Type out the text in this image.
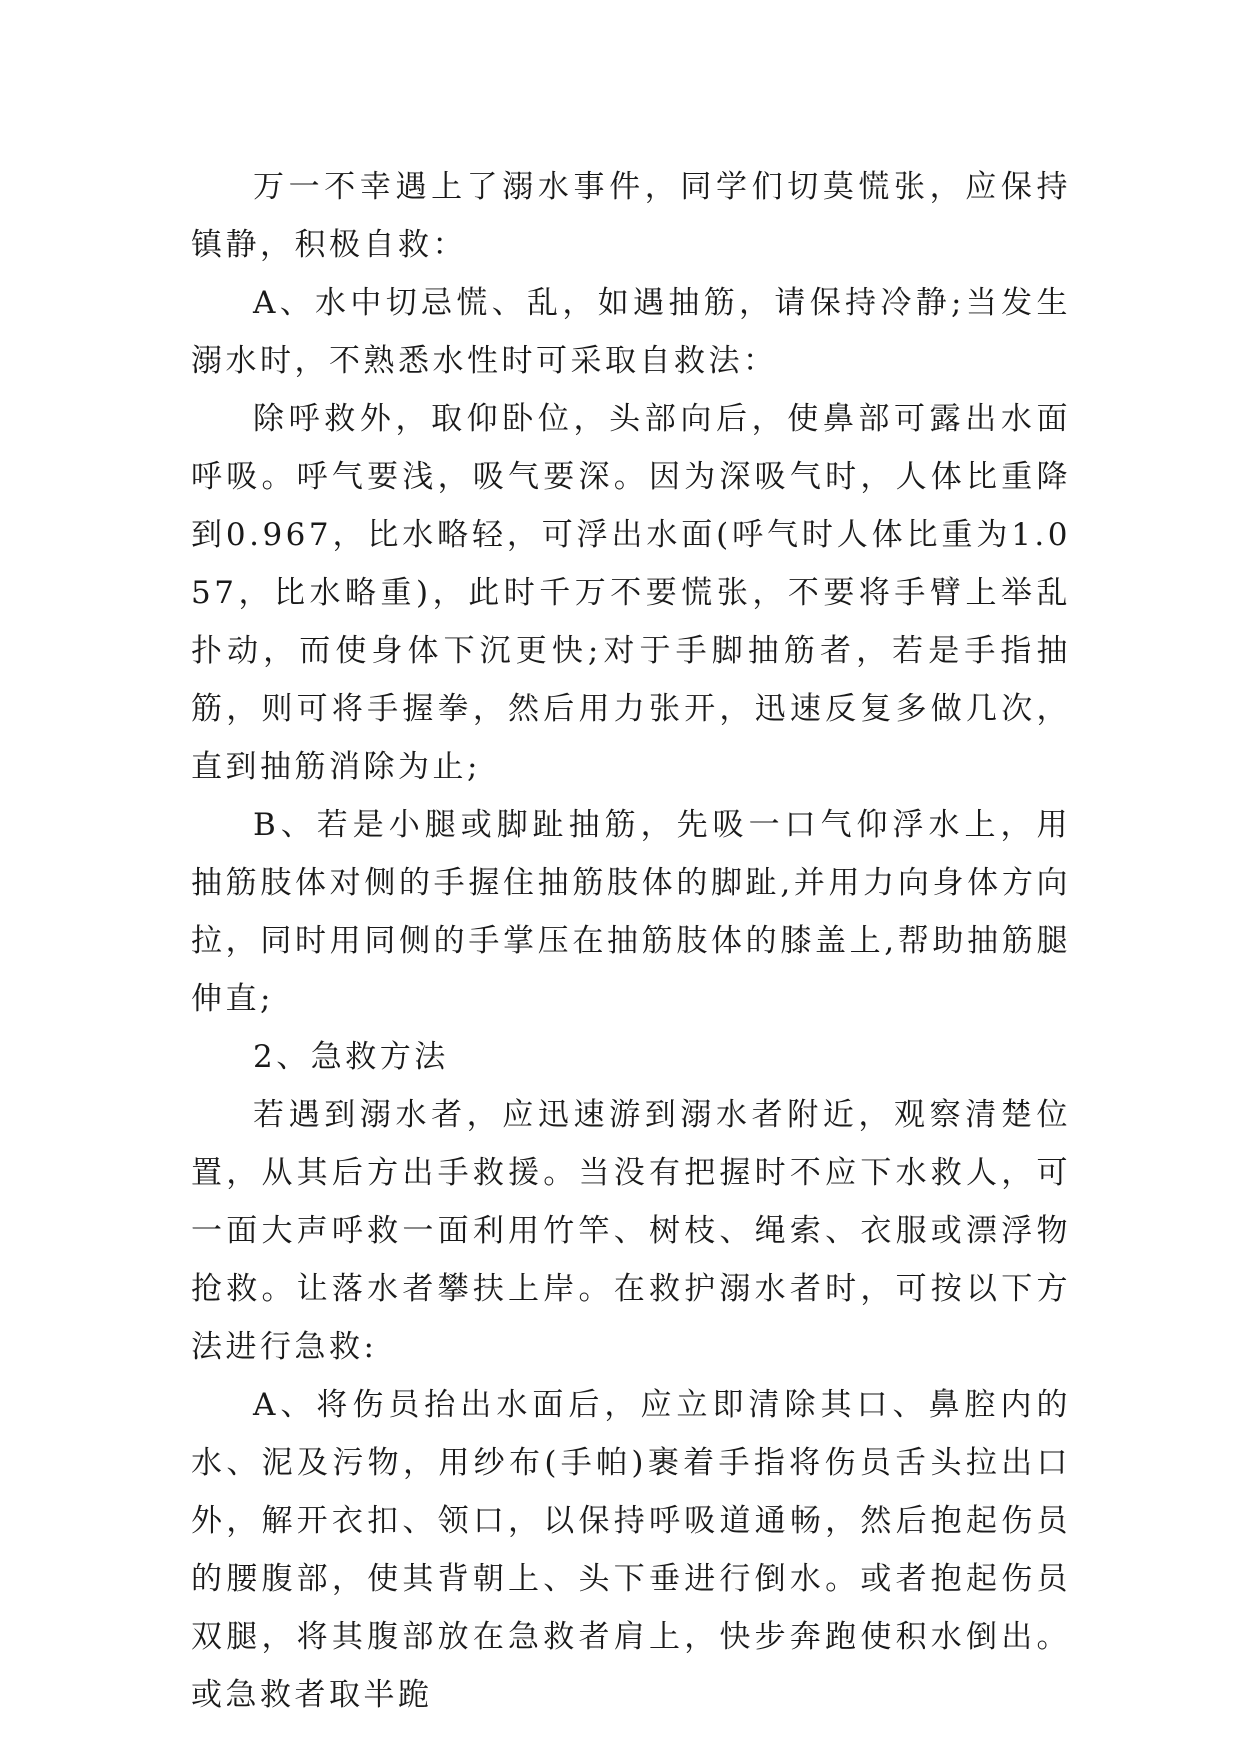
万一不幸遇上了溺水事件，同学们切莫慌张，应保持镇静，积极自救：

A、水中切忌慌、乱，如遇抽筋，请保持冷静;当发生溺水时，不熟悉水性时可采取自救法：

除呼救外，取仰卧位，头部向后，使鼻部可露出水面呼吸。呼气要浅，吸气要深。因为深吸气时，人体比重降到0.967，比水略轻，可浮出水面(呼气时人体比重为1.057，比水略重)，此时千万不要慌张，不要将手臂上举乱扑动，而使身体下沉更快;对于手脚抽筋者，若是手指抽筋，则可将手握拳，然后用力张开，迅速反复多做几次，直到抽筋消除为止;

B、若是小腿或脚趾抽筋，先吸一口气仰浮水上，用抽筋肢体对侧的手握住抽筋肢体的脚趾,并用力向身体方向拉，同时用同侧的手掌压在抽筋肢体的膝盖上,帮助抽筋腿伸直;

2、急救方法

若遇到溺水者，应迅速游到溺水者附近，观察清楚位置，从其后方出手救援。当没有把握时不应下水救人，可一面大声呼救一面利用竹竿、树枝、绳索、衣服或漂浮物抢救。让落水者攀扶上岸。在救护溺水者时，可按以下方法进行急救:

A、将伤员抬出水面后，应立即清除其口、鼻腔内的水、泥及污物，用纱布(手帕)裹着手指将伤员舌头拉出口外，解开衣扣、领口，以保持呼吸道通畅，然后抱起伤员的腰腹部，使其背朝上、头下垂进行倒水。或者抱起伤员双腿，将其腹部放在急救者肩上，快步奔跑使积水倒出。或急救者取半跪
